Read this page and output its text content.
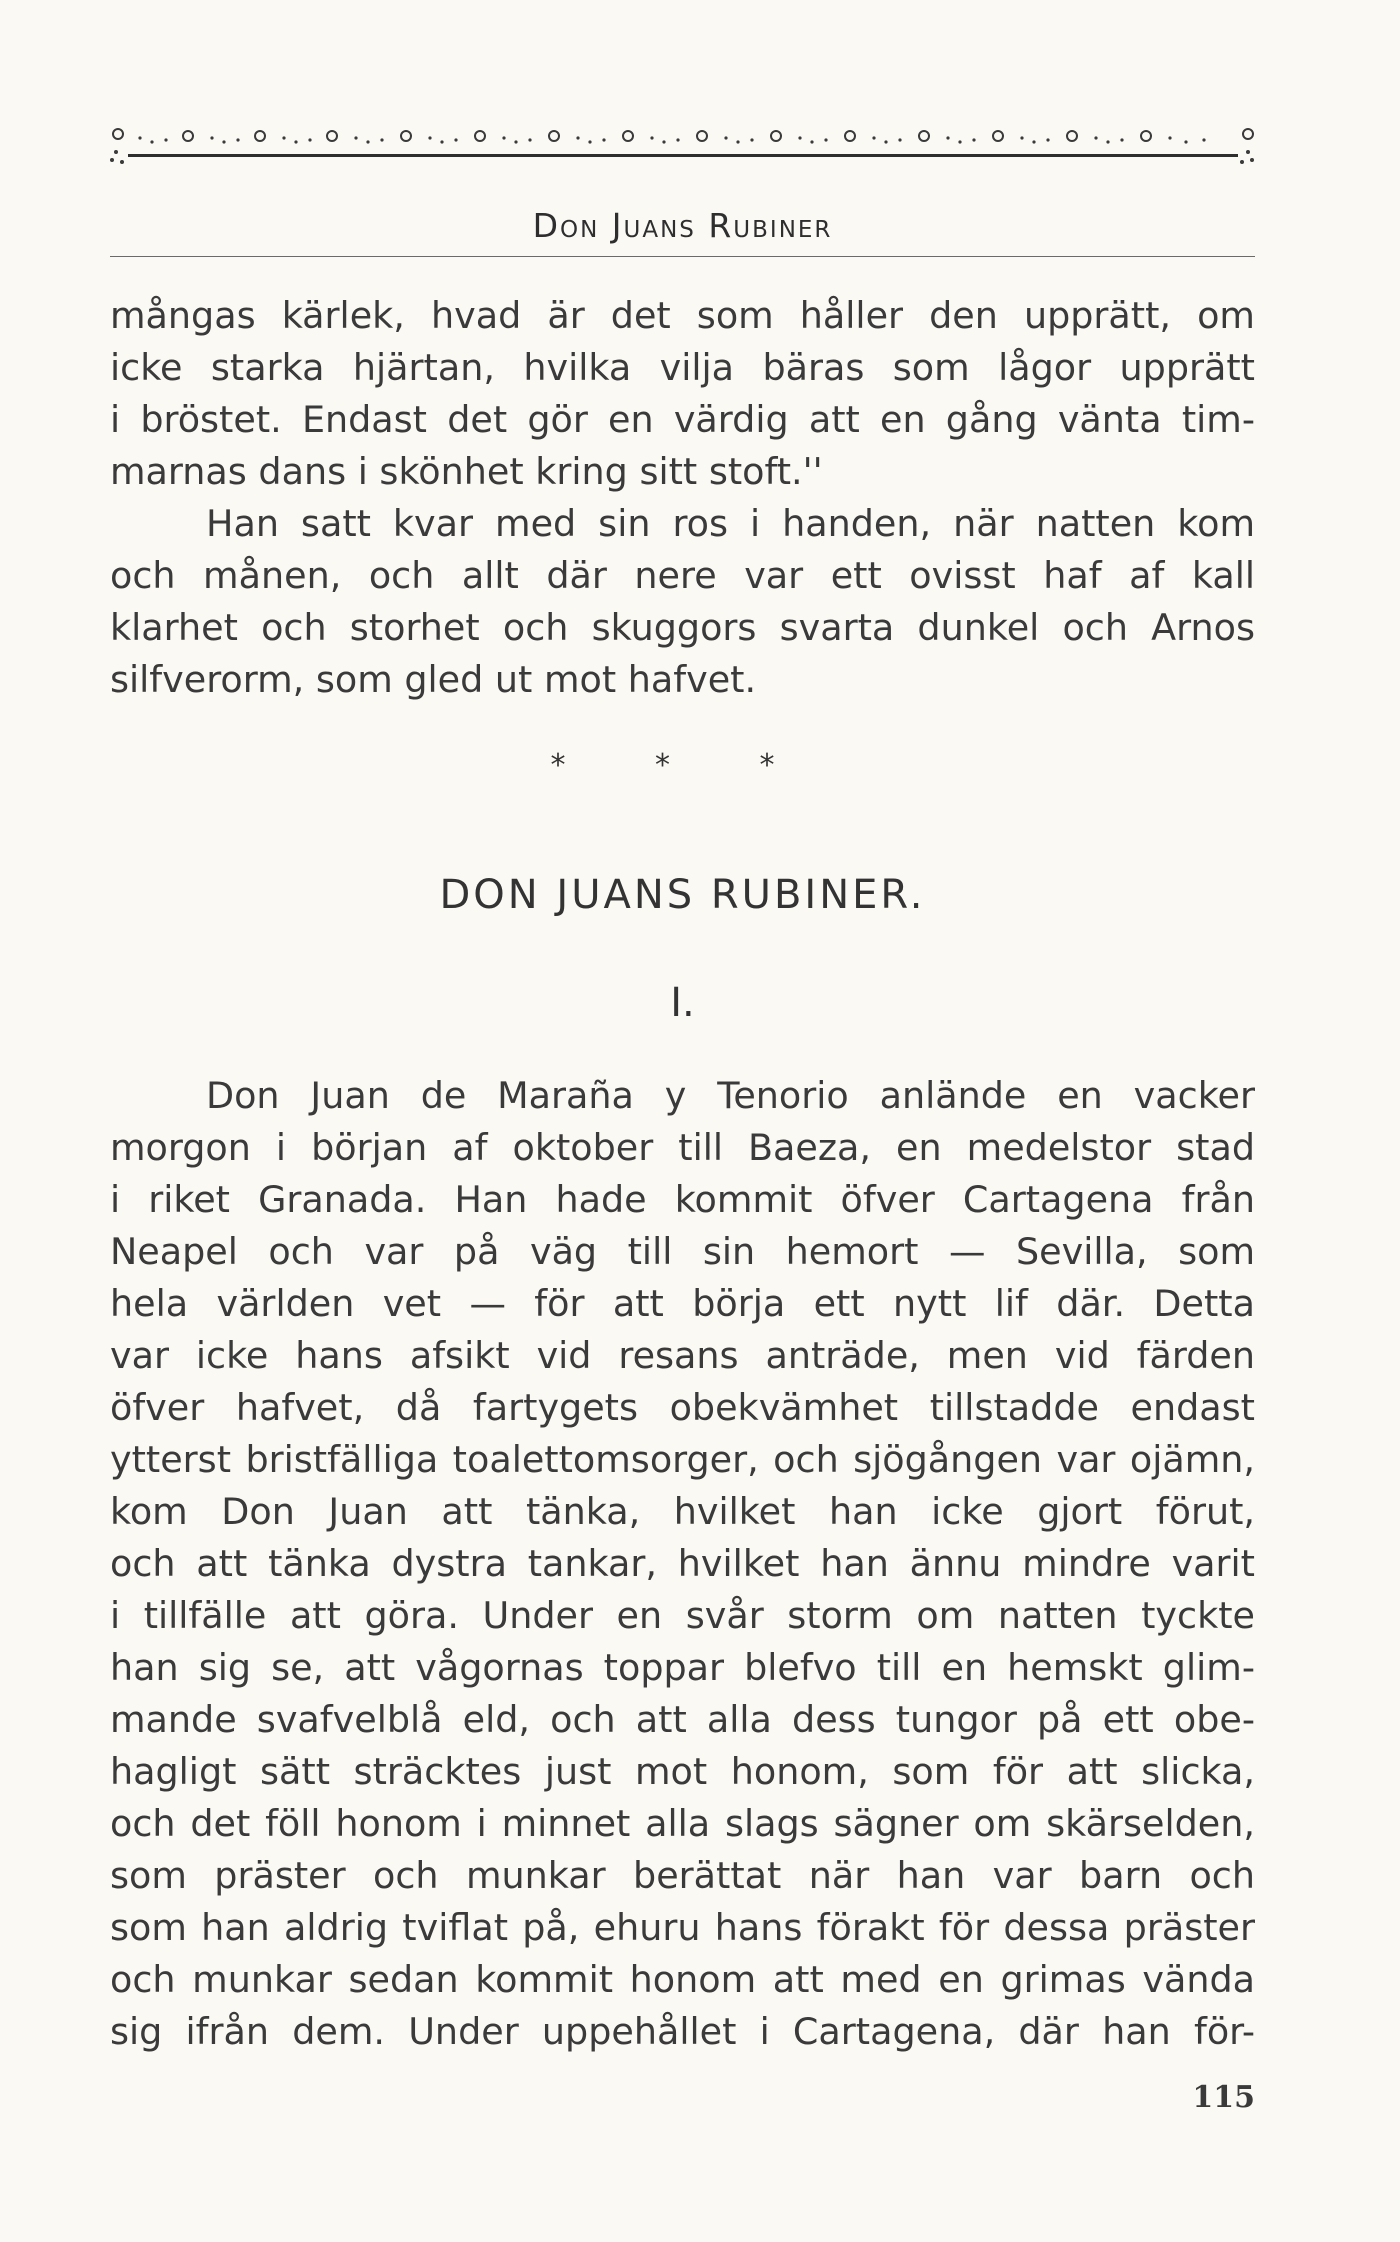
Don Juans Rubiner
mångas kärlek, hvad är det som håller den upprätt, om
icke starka hjärtan, hvilka vilja bäras som lågor upprätt
i bröstet. Endast det gör en värdig att en gång vänta tim-
marnas dans i skönhet kring sitt stoft.''
Han satt kvar med sin ros i handen, när natten kom
och månen, och allt där nere var ett ovisst haf af kall
klarhet och storhet och skuggors svarta dunkel och Arnos
silfverorm, som gled ut mot hafvet.
* * *
DON JUANS RUBINER.
I.
Don Juan de Maraña y Tenorio anlände en vacker
morgon i början af oktober till Baeza, en medelstor stad
i riket Granada. Han hade kommit öfver Cartagena från
Neapel och var på väg till sin hemort — Sevilla, som
hela världen vet — för att börja ett nytt lif där. Detta
var icke hans afsikt vid resans anträde, men vid färden
öfver hafvet, då fartygets obekvämhet tillstadde endast
ytterst bristfälliga toalettomsorger, och sjögången var ojämn,
kom Don Juan att tänka, hvilket han icke gjort förut,
och att tänka dystra tankar, hvilket han ännu mindre varit
i tillfälle att göra. Under en svår storm om natten tyckte
han sig se, att vågornas toppar blefvo till en hemskt glim-
mande svafvelblå eld, och att alla dess tungor på ett obe-
hagligt sätt sträcktes just mot honom, som för att slicka,
och det föll honom i minnet alla slags sägner om skärselden,
som präster och munkar berättat när han var barn och
som han aldrig tviflat på, ehuru hans förakt för dessa präster
och munkar sedan kommit honom att med en grimas vända
sig ifrån dem. Under uppehållet i Cartagena, där han för-
115
